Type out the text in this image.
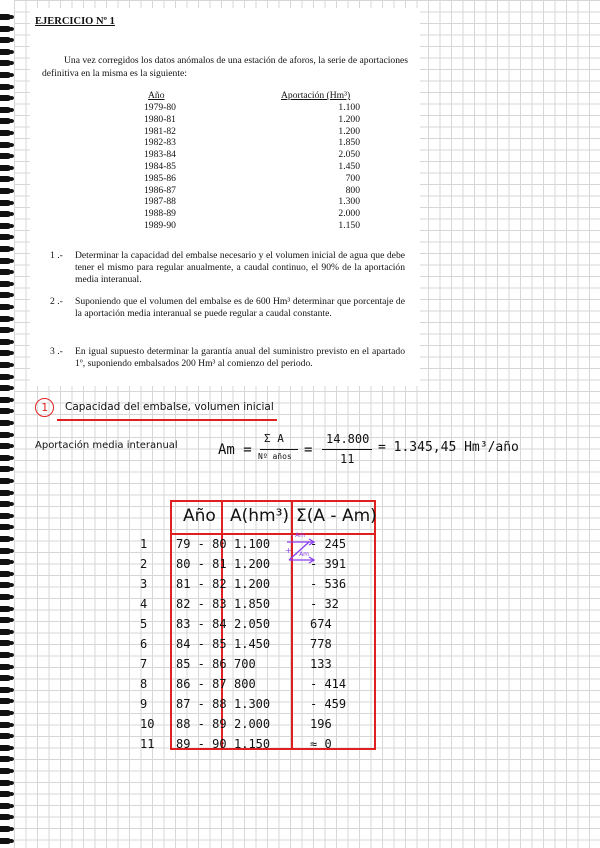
EJERCICIO Nº 1
Una vez corregidos los datos anómalos de una estación de aforos, la serie de aportaciones definitiva en la misma es la siguiente:
Año	Aportación (Hm³)
1979-80	1.100
1980-81	1.200
1981-82	1.200
1982-83	1.850
1983-84	2.050
1984-85	1.450
1985-86	700
1986-87	800
1987-88	1.300
1988-89	2.000
1989-90	1.150
1 .- Determinar la capacidad del embalse necesario y el volumen inicial de agua que debe tener el mismo para regular anualmente, a caudal continuo, el 90% de la aportación media interanual.
2 .- Suponiendo que el volumen del embalse es de 600 Hm³ determinar que porcentaje de la aportación media interanual se puede regular a caudal constante.
3 .- En igual supuesto determinar la garantía anual del suministro previsto en el apartado 1º, suponiendo embalsados 200 Hm³ al comienzo del periodo.
1	Capacidad del embalse, volumen inicial
Aportación media interanual	Am =
Σ A
Nº años =
14.800
11
= 1.345,45 Hm³/año
Año A(hm³) Σ(A - Am)
1 79 - 80 1.100	- 245
2 80 - 81 1.200	- 391
3 81 - 82 1.200	- 536
4 82 - 83 1.850	- 32
5 83 - 84 2.050	674
6 84 - 85 1.450	778
7 85 - 86 700	133
8 86 - 87 800	- 414
9 87 - 88 1.300	- 459
10 88 - 89 2.000	196
11 89 - 90 1.150	≈ 0
- Am
+ - Am
